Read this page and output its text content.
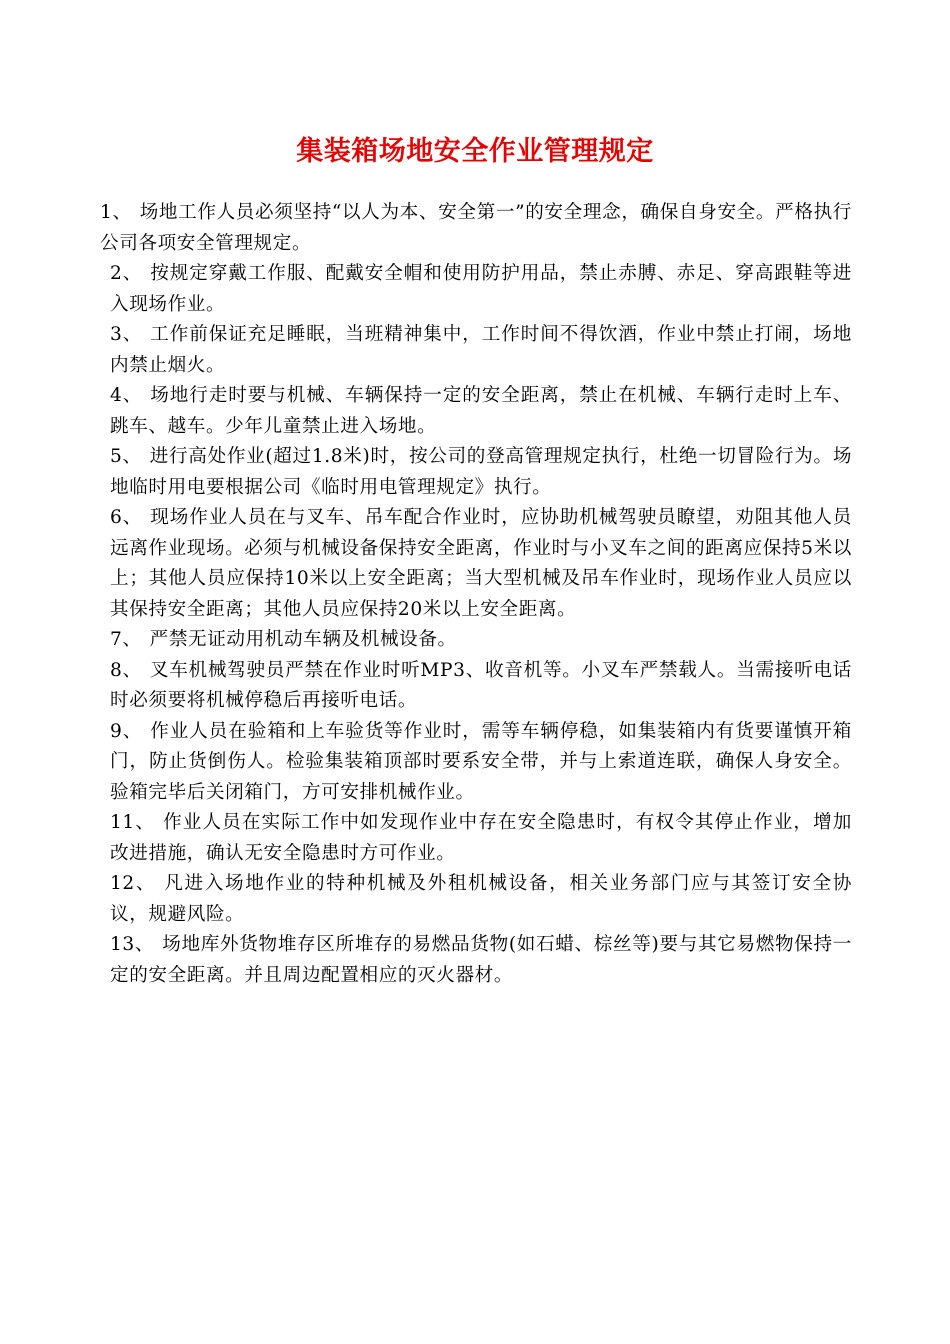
集装箱场地安全作业管理规定

1、 场地工作人员必须坚持“以人为本、安全第一”的安全理念，确保自身安全。严格执行公司各项安全管理规定。

2、 按规定穿戴工作服、配戴安全帽和使用防护用品，禁止赤膊、赤足、穿高跟鞋等进入现场作业。

3、 工作前保证充足睡眠，当班精神集中，工作时间不得饮酒，作业中禁止打闹，场地内禁止烟火。

4、 场地行走时要与机械、车辆保持一定的安全距离，禁止在机械、车辆行走时上车、跳车、越车。少年儿童禁止进入场地。

5、 进行高处作业(超过1.8米)时，按公司的登高管理规定执行，杜绝一切冒险行为。场地临时用电要根据公司《临时用电管理规定》执行。

6、 现场作业人员在与叉车、吊车配合作业时，应协助机械驾驶员瞭望，劝阻其他人员远离作业现场。必须与机械设备保持安全距离，作业时与小叉车之间的距离应保持5米以上；其他人员应保持10米以上安全距离；当大型机械及吊车作业时，现场作业人员应以其保持安全距离；其他人员应保持20米以上安全距离。

7、 严禁无证动用机动车辆及机械设备。

8、 叉车机械驾驶员严禁在作业时听MP3、收音机等。小叉车严禁载人。当需接听电话时必须要将机械停稳后再接听电话。

9、 作业人员在验箱和上车验货等作业时，需等车辆停稳，如集装箱内有货要谨慎开箱门，防止货倒伤人。检验集装箱顶部时要系安全带，并与上索道连联，确保人身安全。验箱完毕后关闭箱门，方可安排机械作业。

11、 作业人员在实际工作中如发现作业中存在安全隐患时，有权令其停止作业，增加改进措施，确认无安全隐患时方可作业。

12、 凡进入场地作业的特种机械及外租机械设备，相关业务部门应与其签订安全协议，规避风险。

13、 场地库外货物堆存区所堆存的易燃品货物(如石蜡、棕丝等)要与其它易燃物保持一定的安全距离。并且周边配置相应的灭火器材。
